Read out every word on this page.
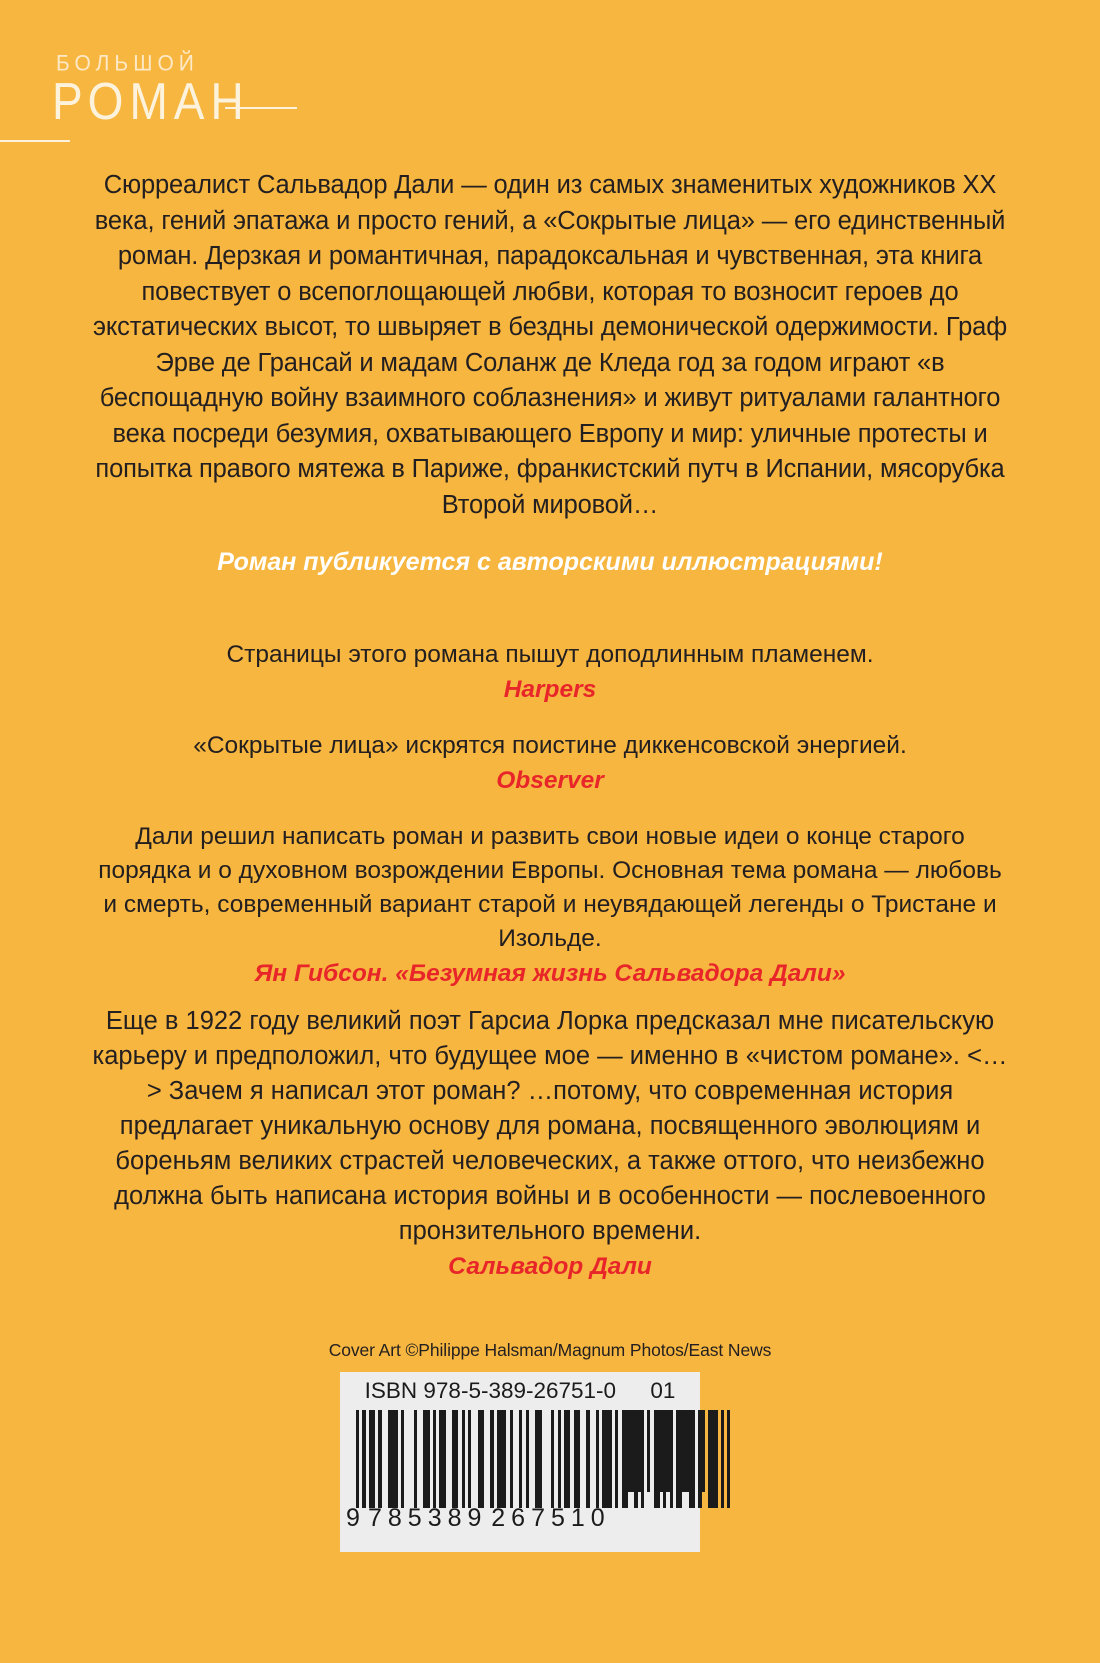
БОЛЬШОЙ
РОМАН
Сюрреалист Сальвадор Дали — один из самых знаменитых художников XX века, гений эпатажа и просто гений, а «Сокрытые лица» — его единственный роман. Дерзкая и романтичная, парадоксальная и чувственная, эта книга повествует о всепоглощающей любви, которая то возносит героев до экстатических высот, то швыряет в бездны демонической одержимости. Граф Эрве де Грансай и мадам Соланж де Кледа год за годом играют «в беспощадную войну взаимного соблазнения» и живут ритуалами галантного века посреди безумия, охватывающего Европу и мир: уличные протесты и попытка правого мятежа в Париже, франкистский путч в Испании, мясорубка Второй мировой…
Роман публикуется с авторскими иллюстрациями!
Страницы этого романа пышут доподлинным пламенем.
Harpers
«Сокрытые лица» искрятся поистине диккенсовской энергией.
Observer
Дали решил написать роман и развить свои новые идеи о конце старого порядка и о духовном возрождении Европы. Основная тема романа — любовь и смерть, современный вариант старой и неувядающей легенды о Тристане и Изольде.
Ян Гибсон. «Безумная жизнь Сальвадора Дали»
Еще в 1922 году великий поэт Гарсиа Лорка предсказал мне писательскую карьеру и предположил, что будущее мое — именно в «чистом романе». <…> Зачем я написал этот роман? …потому, что современная история предлагает уникальную основу для романа, посвященного эволюциям и бореньям великих страстей человеческих, а также оттого, что неизбежно должна быть написана история войны и в особенности — послевоенного пронзительного времени.
Сальвадор Дали
Cover Art ©Philippe Halsman/Magnum Photos/East News
ISBN 978-5-389-26751-0 01
9 785389 267510
